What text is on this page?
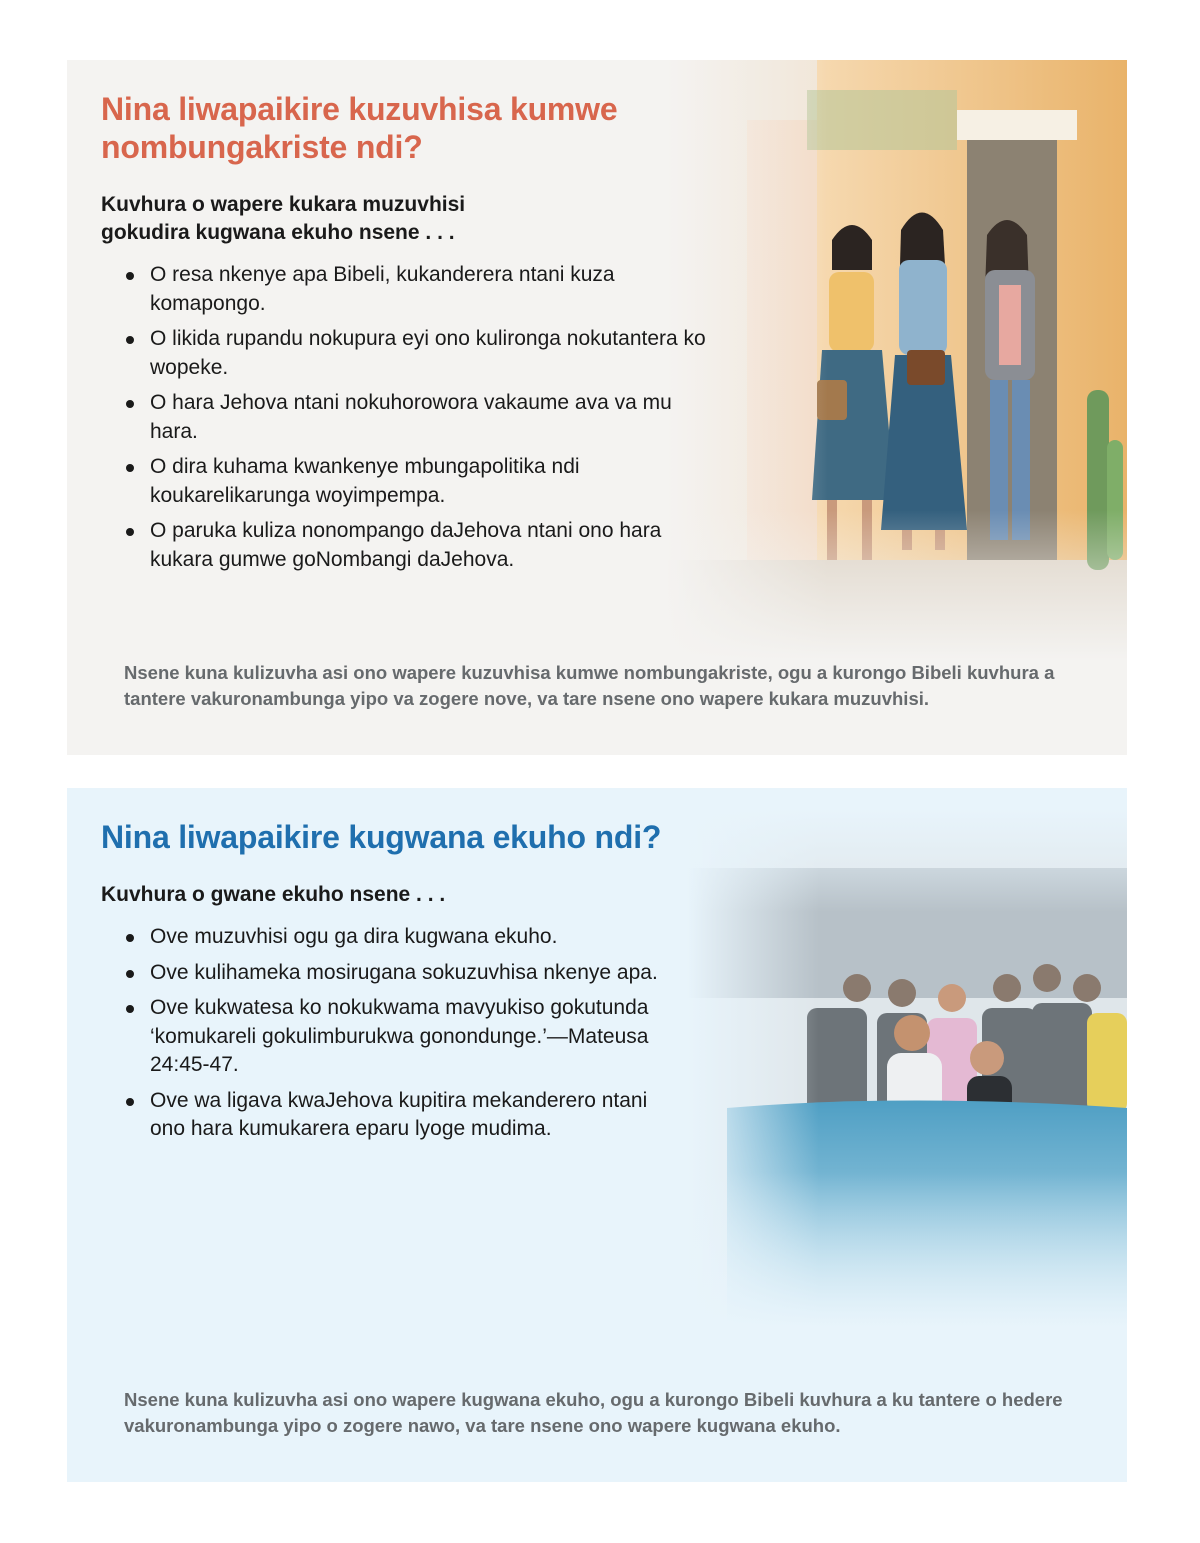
Nina liwapaikire kuzuvhisa kumwe nombungakriste ndi?

Kuvhura o wapere kukara muzuvhisi gokudira kugwana ekuho nsene . . .

O resa nkenye apa Bibeli, kukanderera ntani kuza komapongo.
O likida rupandu nokupura eyi ono kulironga nokutantera ko wopeke.
O hara Jehova ntani nokuhorowora vakaume ava va mu hara.
O dira kuhama kwankenye mbungapolitika ndi koukarelikarunga woyimpempa.
O paruka kuliza nonompango daJehova ntani ono hara kukara gumwe goNombangi daJehova.

Nsene kuna kulizuvha asi ono wapere kuzuvhisa kumwe nombungakriste, ogu a kurongo Bibeli kuvhura a tantere vakuronambunga yipo va zogere nove, va tare nsene ono wapere kukara muzuvhisi.

Nina liwapaikire kugwana ekuho ndi?

Kuvhura o gwane ekuho nsene . . .

Ove muzuvhisi ogu ga dira kugwana ekuho.
Ove kulihameka mosirugana sokuzuvhisa nkenye apa.
Ove kukwatesa ko nokukwama mavyukiso gokutunda ‘komukareli gokulimburukwa gonondunge.’—Mateusa 24:45-47.
Ove wa ligava kwaJehova kupitira mekanderero ntani ono hara kumukarera eparu lyoge mudima.

Nsene kuna kulizuvha asi ono wapere kugwana ekuho, ogu a kurongo Bibeli kuvhura a ku tantere o hedere vakuronambunga yipo o zogere nawo, va tare nsene ono wapere kugwana ekuho.
